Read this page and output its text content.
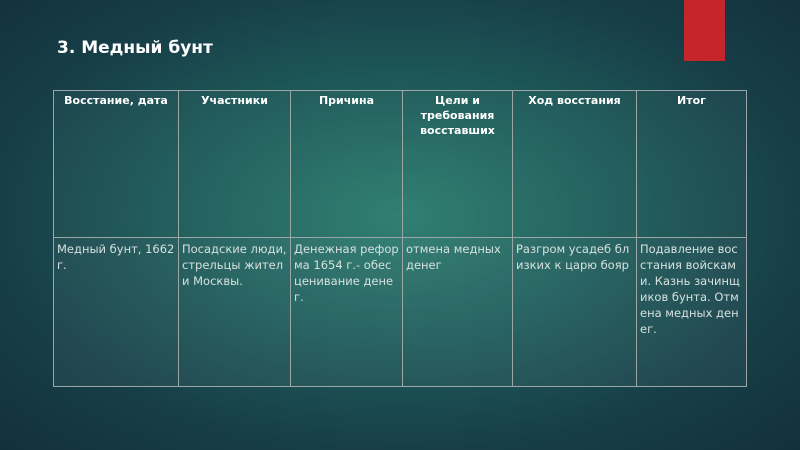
3. Медный бунт
Восстание, дата	Участники	Причина	Цели и требования восставших	Ход восстания	Итог
Медный бунт, 1662 г.	Посадские люди, стрельцы жители Москвы.	Денежная реформа 1654 г.- обесценивание денег.	отмена медных денег	Разгром усадеб близких к царю бояр	Подавление восстания войсками. Казнь зачинщиков бунта. Отмена медных денег.
